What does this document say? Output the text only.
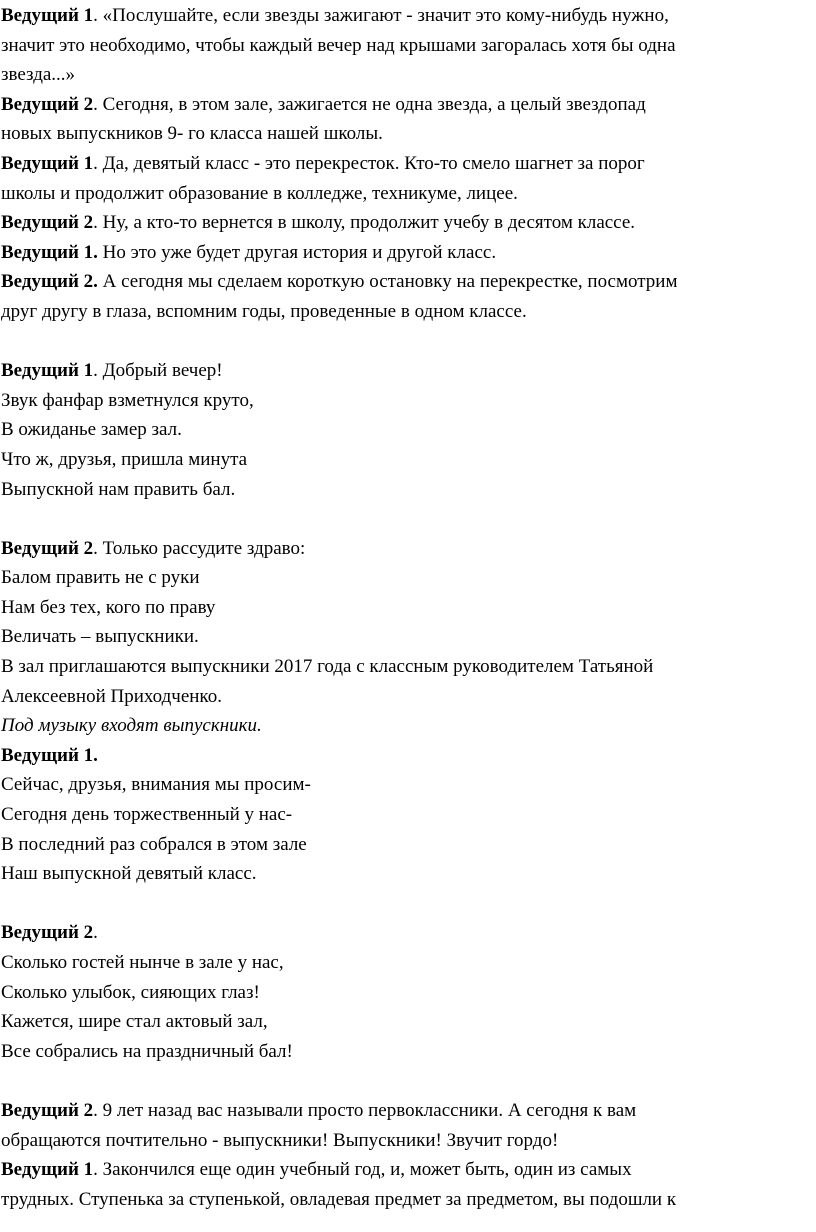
Ведущий 1. «Послушайте, если звезды зажигают - значит это кому-нибудь нужно,
значит это необходимо, чтобы каждый вечер над крышами загоралась хотя бы одна
звезда...»
Ведущий 2. Сегодня, в этом зале, зажигается не одна звезда, а целый звездопад
новых выпускников 9- го класса нашей школы.
Ведущий 1. Да, девятый класс - это перекресток. Кто-то смело шагнет за порог
школы и продолжит образование в колледже, техникуме, лицее.
Ведущий 2. Ну, а кто-то вернется в школу, продолжит учебу в десятом классе.
Ведущий 1. Но это уже будет другая история и другой класс.
Ведущий 2. А сегодня мы сделаем короткую остановку на перекрестке, посмотрим
друг другу в глаза, вспомним годы, проведенные в одном классе.
Ведущий 1. Добрый вечер!
Звук фанфар взметнулся круто,
В ожиданье замер зал.
Что ж, друзья, пришла минута
Выпускной нам править бал.
Ведущий 2. Только рассудите здраво:
Балом править не с руки
Нам без тех, кого по праву
Величать – выпускники.
В зал приглашаются выпускники 2017 года с классным руководителем Татьяной
Алексеевной Приходченко.
Под музыку входят выпускники.
Ведущий 1.
Сейчас, друзья, внимания мы просим-
Сегодня день торжественный у нас-
В последний раз собрался в этом зале
Наш выпускной девятый класс.
Ведущий 2.
Сколько гостей нынче в зале у нас,
Сколько улыбок, сияющих глаз!
Кажется, шире стал актовый зал,
Все собрались на праздничный бал!
Ведущий 2. 9 лет назад вас называли просто первоклассники. А сегодня к вам
обращаются почтительно - выпускники! Выпускники! Звучит гордо!
Ведущий 1. Закончился еще один учебный год, и, может быть, один из самых
трудных. Ступенька за ступенькой, овладевая предмет за предметом, вы подошли к
